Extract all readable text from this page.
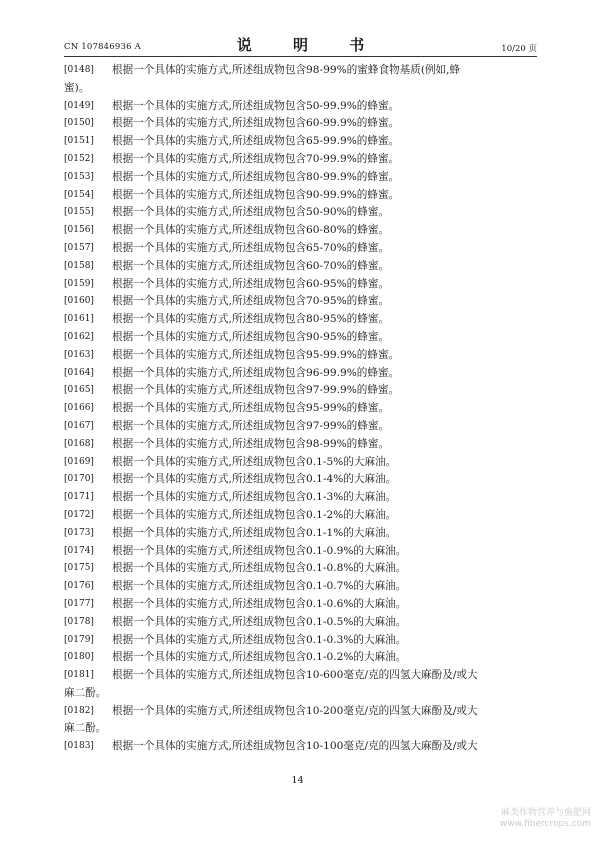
CN 107846936 A	说 明 书	10/20 页
[0148] 根据一个具体的实施方式,所述组成物包含98-99%的蜜蜂食物基质(例如,蜂
蜜)。
[0149] 根据一个具体的实施方式,所述组成物包含50-99.9%的蜂蜜。
[0150] 根据一个具体的实施方式,所述组成物包含60-99.9%的蜂蜜。
[0151] 根据一个具体的实施方式,所述组成物包含65-99.9%的蜂蜜。
[0152] 根据一个具体的实施方式,所述组成物包含70-99.9%的蜂蜜。
[0153] 根据一个具体的实施方式,所述组成物包含80-99.9%的蜂蜜。
[0154] 根据一个具体的实施方式,所述组成物包含90-99.9%的蜂蜜。
[0155] 根据一个具体的实施方式,所述组成物包含50-90%的蜂蜜。
[0156] 根据一个具体的实施方式,所述组成物包含60-80%的蜂蜜。
[0157] 根据一个具体的实施方式,所述组成物包含65-70%的蜂蜜。
[0158] 根据一个具体的实施方式,所述组成物包含60-70%的蜂蜜。
[0159] 根据一个具体的实施方式,所述组成物包含60-95%的蜂蜜。
[0160] 根据一个具体的实施方式,所述组成物包含70-95%的蜂蜜。
[0161] 根据一个具体的实施方式,所述组成物包含80-95%的蜂蜜。
[0162] 根据一个具体的实施方式,所述组成物包含90-95%的蜂蜜。
[0163] 根据一个具体的实施方式,所述组成物包含95-99.9%的蜂蜜。
[0164] 根据一个具体的实施方式,所述组成物包含96-99.9%的蜂蜜。
[0165] 根据一个具体的实施方式,所述组成物包含97-99.9%的蜂蜜。
[0166] 根据一个具体的实施方式,所述组成物包含95-99%的蜂蜜。
[0167] 根据一个具体的实施方式,所述组成物包含97-99%的蜂蜜。
[0168] 根据一个具体的实施方式,所述组成物包含98-99%的蜂蜜。
[0169] 根据一个具体的实施方式,所述组成物包含0.1-5%的大麻油。
[0170] 根据一个具体的实施方式,所述组成物包含0.1-4%的大麻油。
[0171] 根据一个具体的实施方式,所述组成物包含0.1-3%的大麻油。
[0172] 根据一个具体的实施方式,所述组成物包含0.1-2%的大麻油。
[0173] 根据一个具体的实施方式,所述组成物包含0.1-1%的大麻油。
[0174] 根据一个具体的实施方式,所述组成物包含0.1-0.9%的大麻油。
[0175] 根据一个具体的实施方式,所述组成物包含0.1-0.8%的大麻油。
[0176] 根据一个具体的实施方式,所述组成物包含0.1-0.7%的大麻油。
[0177] 根据一个具体的实施方式,所述组成物包含0.1-0.6%的大麻油。
[0178] 根据一个具体的实施方式,所述组成物包含0.1-0.5%的大麻油。
[0179] 根据一个具体的实施方式,所述组成物包含0.1-0.3%的大麻油。
[0180] 根据一个具体的实施方式,所述组成物包含0.1-0.2%的大麻油。
[0181] 根据一个具体的实施方式,所述组成物包含10-600毫克/克的四氢大麻酚及/或大
麻二酚。
[0182] 根据一个具体的实施方式,所述组成物包含10-200毫克/克的四氢大麻酚及/或大
麻二酚。
[0183] 根据一个具体的实施方式,所述组成物包含10-100毫克/克的四氢大麻酚及/或大
14
麻类作物营养与施肥网
www.fibercrops.com
